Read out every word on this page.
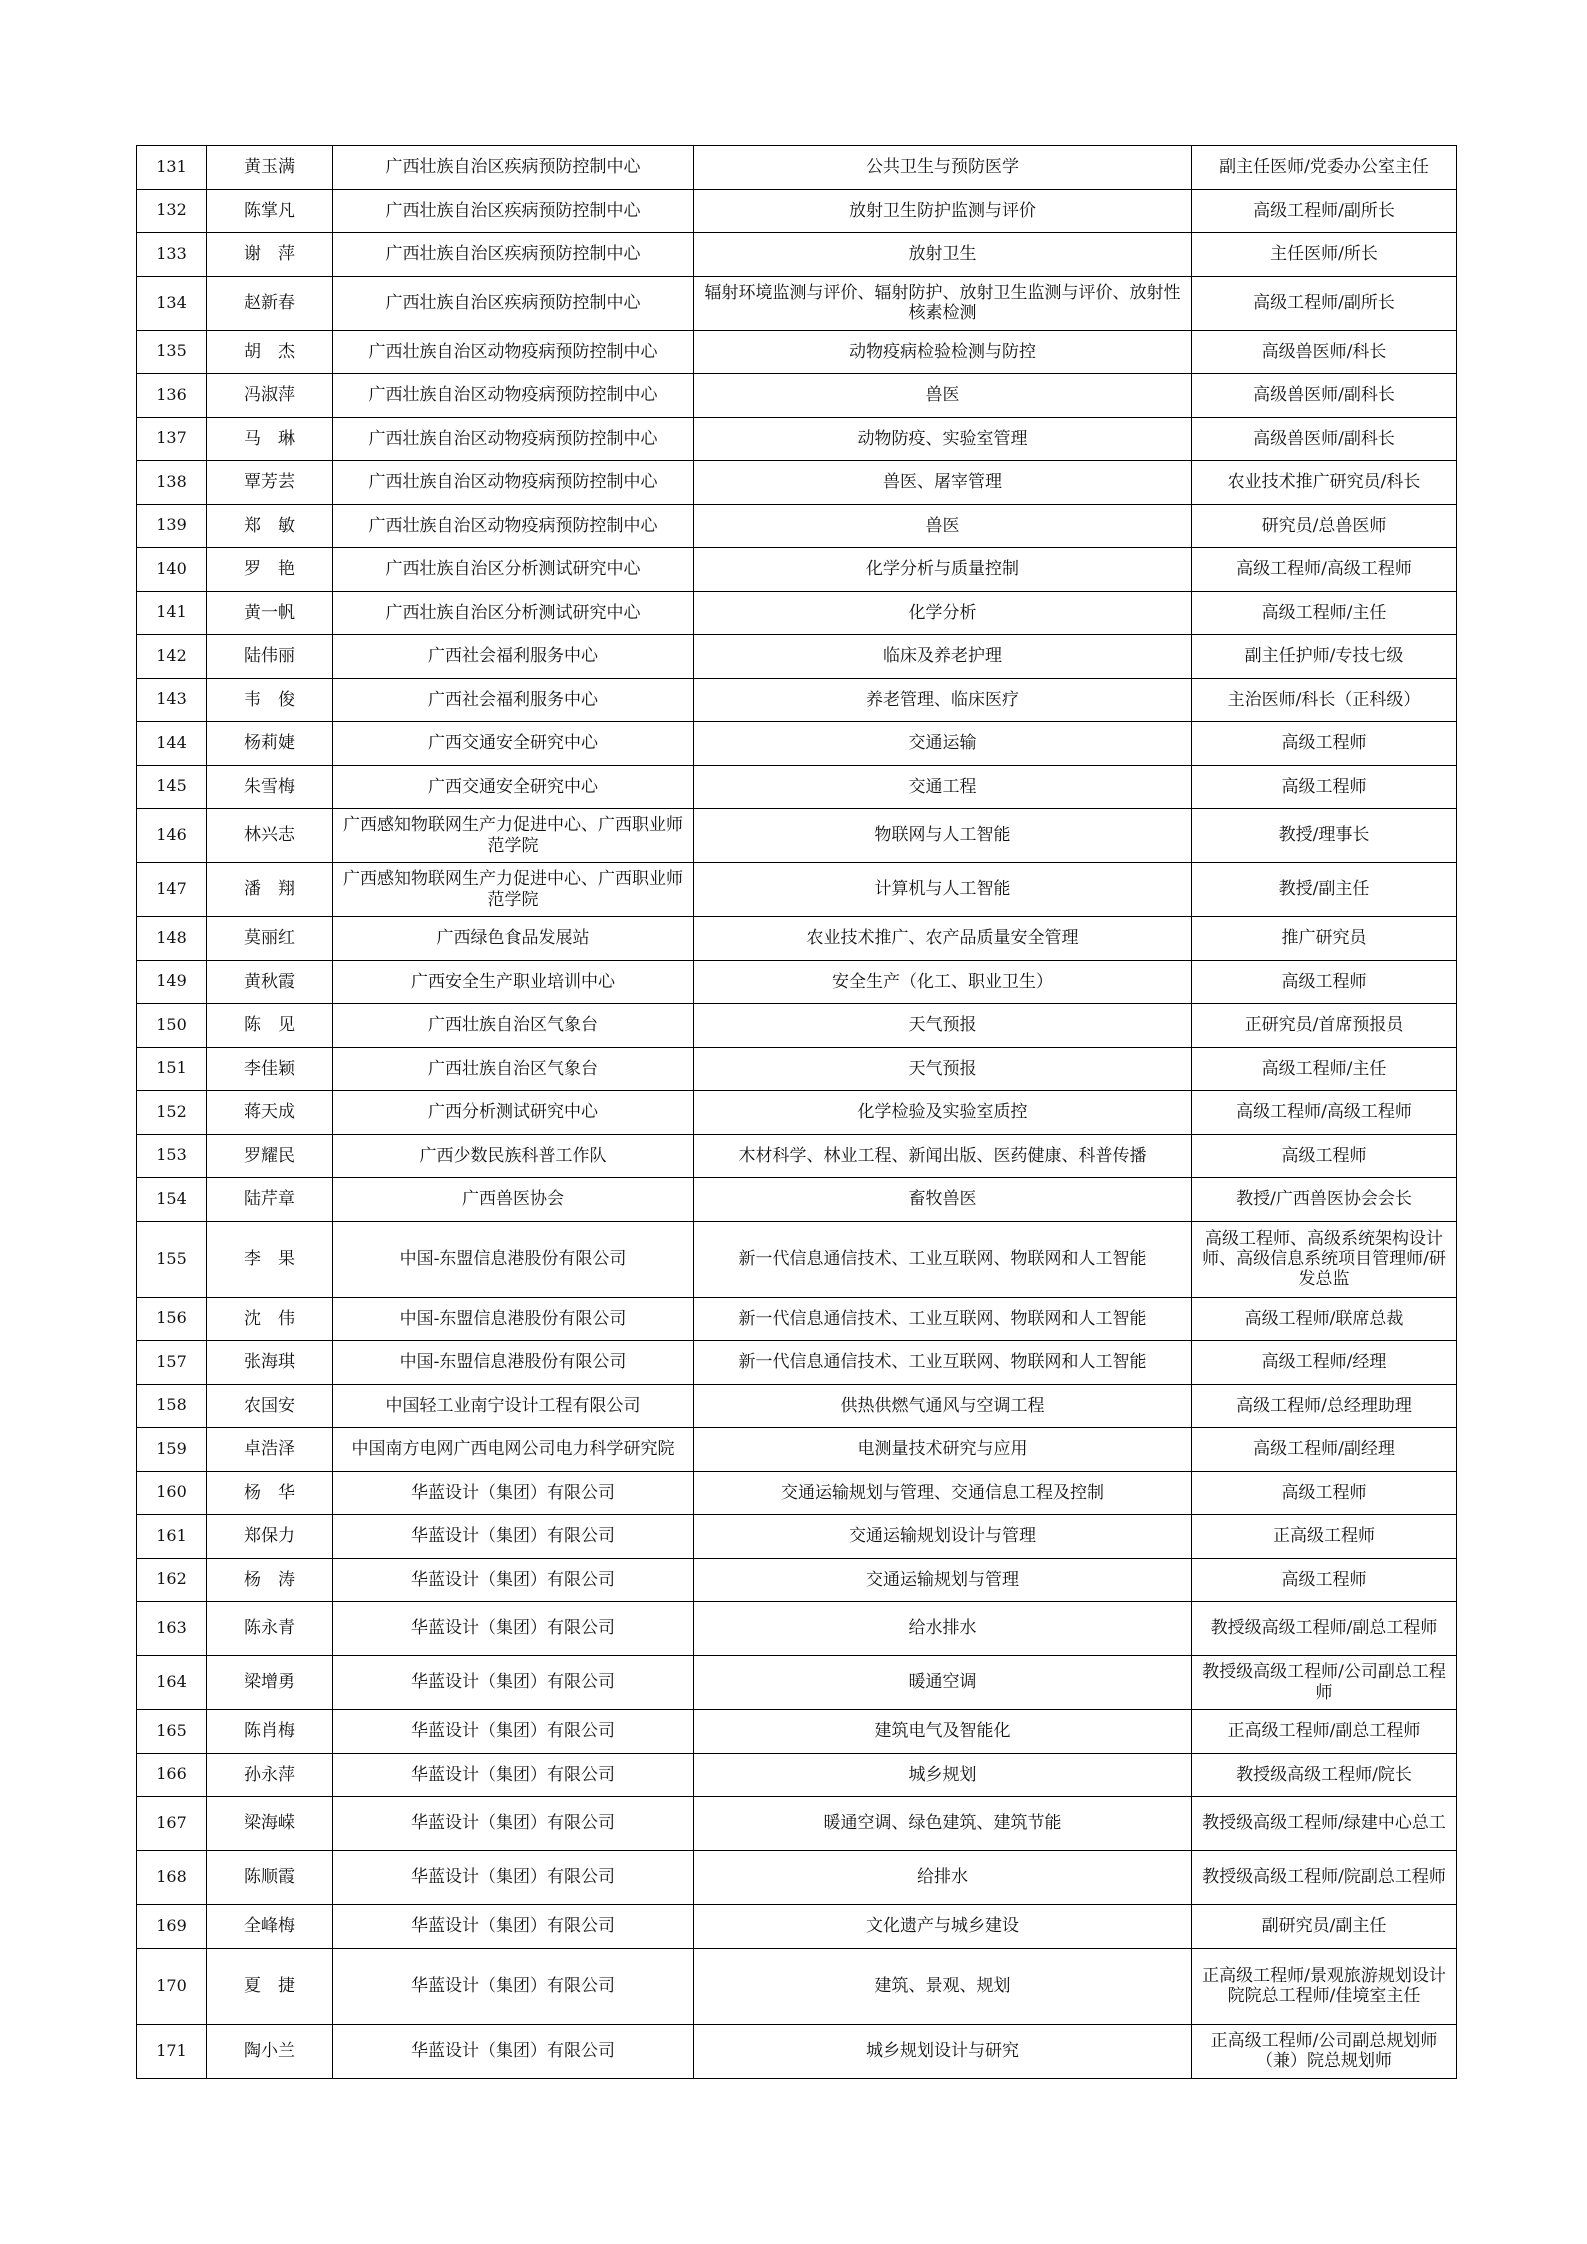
131	黄玉满	广西壮族自治区疾病预防控制中心	公共卫生与预防医学	副主任医师/党委办公室主任
132	陈掌凡	广西壮族自治区疾病预防控制中心	放射卫生防护监测与评价	高级工程师/副所长
133	谢　萍	广西壮族自治区疾病预防控制中心	放射卫生	主任医师/所长
134	赵新春	广西壮族自治区疾病预防控制中心	辐射环境监测与评价、辐射防护、放射卫生监测与评价、放射性核素检测	高级工程师/副所长
135	胡　杰	广西壮族自治区动物疫病预防控制中心	动物疫病检验检测与防控	高级兽医师/科长
136	冯淑萍	广西壮族自治区动物疫病预防控制中心	兽医	高级兽医师/副科长
137	马　琳	广西壮族自治区动物疫病预防控制中心	动物防疫、实验室管理	高级兽医师/副科长
138	覃芳芸	广西壮族自治区动物疫病预防控制中心	兽医、屠宰管理	农业技术推广研究员/科长
139	郑　敏	广西壮族自治区动物疫病预防控制中心	兽医	研究员/总兽医师
140	罗　艳	广西壮族自治区分析测试研究中心	化学分析与质量控制	高级工程师/高级工程师
141	黄一帆	广西壮族自治区分析测试研究中心	化学分析	高级工程师/主任
142	陆伟丽	广西社会福利服务中心	临床及养老护理	副主任护师/专技七级
143	韦　俊	广西社会福利服务中心	养老管理、临床医疗	主治医师/科长（正科级）
144	杨莉婕	广西交通安全研究中心	交通运输	高级工程师
145	朱雪梅	广西交通安全研究中心	交通工程	高级工程师
146	林兴志	广西感知物联网生产力促进中心、广西职业师范学院	物联网与人工智能	教授/理事长
147	潘　翔	广西感知物联网生产力促进中心、广西职业师范学院	计算机与人工智能	教授/副主任
148	莫丽红	广西绿色食品发展站	农业技术推广、农产品质量安全管理	推广研究员
149	黄秋霞	广西安全生产职业培训中心	安全生产（化工、职业卫生）	高级工程师
150	陈　见	广西壮族自治区气象台	天气预报	正研究员/首席预报员
151	李佳颖	广西壮族自治区气象台	天气预报	高级工程师/主任
152	蒋天成	广西分析测试研究中心	化学检验及实验室质控	高级工程师/高级工程师
153	罗耀民	广西少数民族科普工作队	木材科学、林业工程、新闻出版、医药健康、科普传播	高级工程师
154	陆芹章	广西兽医协会	畜牧兽医	教授/广西兽医协会会长
155	李　果	中国-东盟信息港股份有限公司	新一代信息通信技术、工业互联网、物联网和人工智能	高级工程师、高级系统架构设计师、高级信息系统项目管理师/研发总监
156	沈　伟	中国-东盟信息港股份有限公司	新一代信息通信技术、工业互联网、物联网和人工智能	高级工程师/联席总裁
157	张海琪	中国-东盟信息港股份有限公司	新一代信息通信技术、工业互联网、物联网和人工智能	高级工程师/经理
158	农国安	中国轻工业南宁设计工程有限公司	供热供燃气通风与空调工程	高级工程师/总经理助理
159	卓浩泽	中国南方电网广西电网公司电力科学研究院	电测量技术研究与应用	高级工程师/副经理
160	杨　华	华蓝设计（集团）有限公司	交通运输规划与管理、交通信息工程及控制	高级工程师
161	郑保力	华蓝设计（集团）有限公司	交通运输规划设计与管理	正高级工程师
162	杨　涛	华蓝设计（集团）有限公司	交通运输规划与管理	高级工程师
163	陈永青	华蓝设计（集团）有限公司	给水排水	教授级高级工程师/副总工程师
164	梁增勇	华蓝设计（集团）有限公司	暖通空调	教授级高级工程师/公司副总工程师
165	陈肖梅	华蓝设计（集团）有限公司	建筑电气及智能化	正高级工程师/副总工程师
166	孙永萍	华蓝设计（集团）有限公司	城乡规划	教授级高级工程师/院长
167	梁海嵘	华蓝设计（集团）有限公司	暖通空调、绿色建筑、建筑节能	教授级高级工程师/绿建中心总工
168	陈顺霞	华蓝设计（集团）有限公司	给排水	教授级高级工程师/院副总工程师
169	全峰梅	华蓝设计（集团）有限公司	文化遗产与城乡建设	副研究员/副主任
170	夏　捷	华蓝设计（集团）有限公司	建筑、景观、规划	正高级工程师/景观旅游规划设计院院总工程师/佳境室主任
171	陶小兰	华蓝设计（集团）有限公司	城乡规划设计与研究	正高级工程师/公司副总规划师（兼）院总规划师
